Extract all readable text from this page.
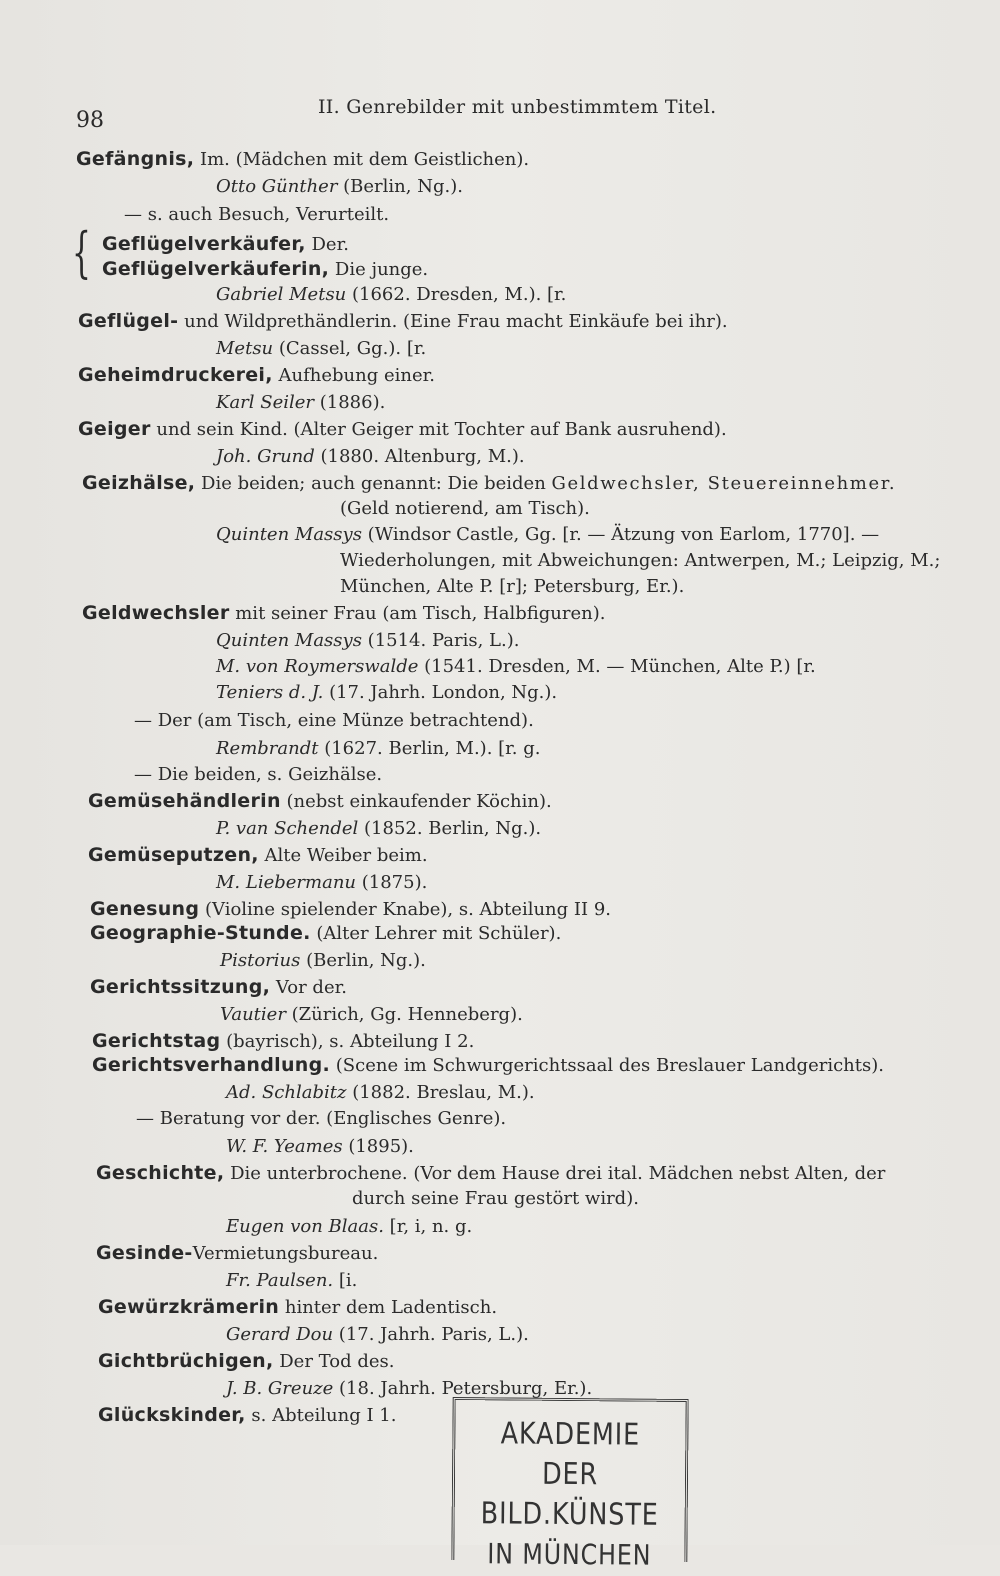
98
II. Genrebilder mit unbestimmtem Titel.
{
Gefängnis, Im. (Mädchen mit dem Geistlichen).
Otto Günther (Berlin, Ng.).
— s. auch Besuch, Verurteilt.
Geflügelverkäufer, Der.
Geflügelverkäuferin, Die junge.
Gabriel Metsu (1662. Dresden, M.). [r.
Geflügel- und Wildprethändlerin. (Eine Frau macht Einkäufe bei ihr).
Metsu (Cassel, Gg.). [r.
Geheimdruckerei, Aufhebung einer.
Karl Seiler (1886).
Geiger und sein Kind. (Alter Geiger mit Tochter auf Bank ausruhend).
Joh. Grund (1880. Altenburg, M.).
Geizhälse, Die beiden; auch genannt: Die beiden Geldwechsler, Steuereinnehmer.
(Geld notierend, am Tisch).
Quinten Massys (Windsor Castle, Gg. [r. — Ätzung von Earlom, 1770]. —
Wiederholungen, mit Abweichungen: Antwerpen, M.; Leipzig, M.;
München, Alte P. [r]; Petersburg, Er.).
Geldwechsler mit seiner Frau (am Tisch, Halbfiguren).
Quinten Massys (1514. Paris, L.).
M. von Roymerswalde (1541. Dresden, M. — München, Alte P.) [r.
Teniers d. J. (17. Jahrh. London, Ng.).
— Der (am Tisch, eine Münze betrachtend).
Rembrandt (1627. Berlin, M.). [r. g.
— Die beiden, s. Geizhälse.
Gemüsehändlerin (nebst einkaufender Köchin).
P. van Schendel (1852. Berlin, Ng.).
Gemüseputzen, Alte Weiber beim.
M. Liebermanu (1875).
Genesung (Violine spielender Knabe), s. Abteilung II 9.
Geographie-Stunde. (Alter Lehrer mit Schüler).
Pistorius (Berlin, Ng.).
Gerichtssitzung, Vor der.
Vautier (Zürich, Gg. Henneberg).
Gerichtstag (bayrisch), s. Abteilung I 2.
Gerichtsverhandlung. (Scene im Schwurgerichtssaal des Breslauer Landgerichts).
Ad. Schlabitz (1882. Breslau, M.).
— Beratung vor der. (Englisches Genre).
W. F. Yeames (1895).
Geschichte, Die unterbrochene. (Vor dem Hause drei ital. Mädchen nebst Alten, der
durch seine Frau gestört wird).
Eugen von Blaas. [r, i, n. g.
Gesinde-Vermietungsbureau.
Fr. Paulsen. [i.
Gewürzkrämerin hinter dem Ladentisch.
Gerard Dou (17. Jahrh. Paris, L.).
Gichtbrüchigen, Der Tod des.
J. B. Greuze (18. Jahrh. Petersburg, Er.).
Glückskinder, s. Abteilung I 1.
AKADEMIE
DER BILD.KÜNSTE
IN MÜNCHEN
